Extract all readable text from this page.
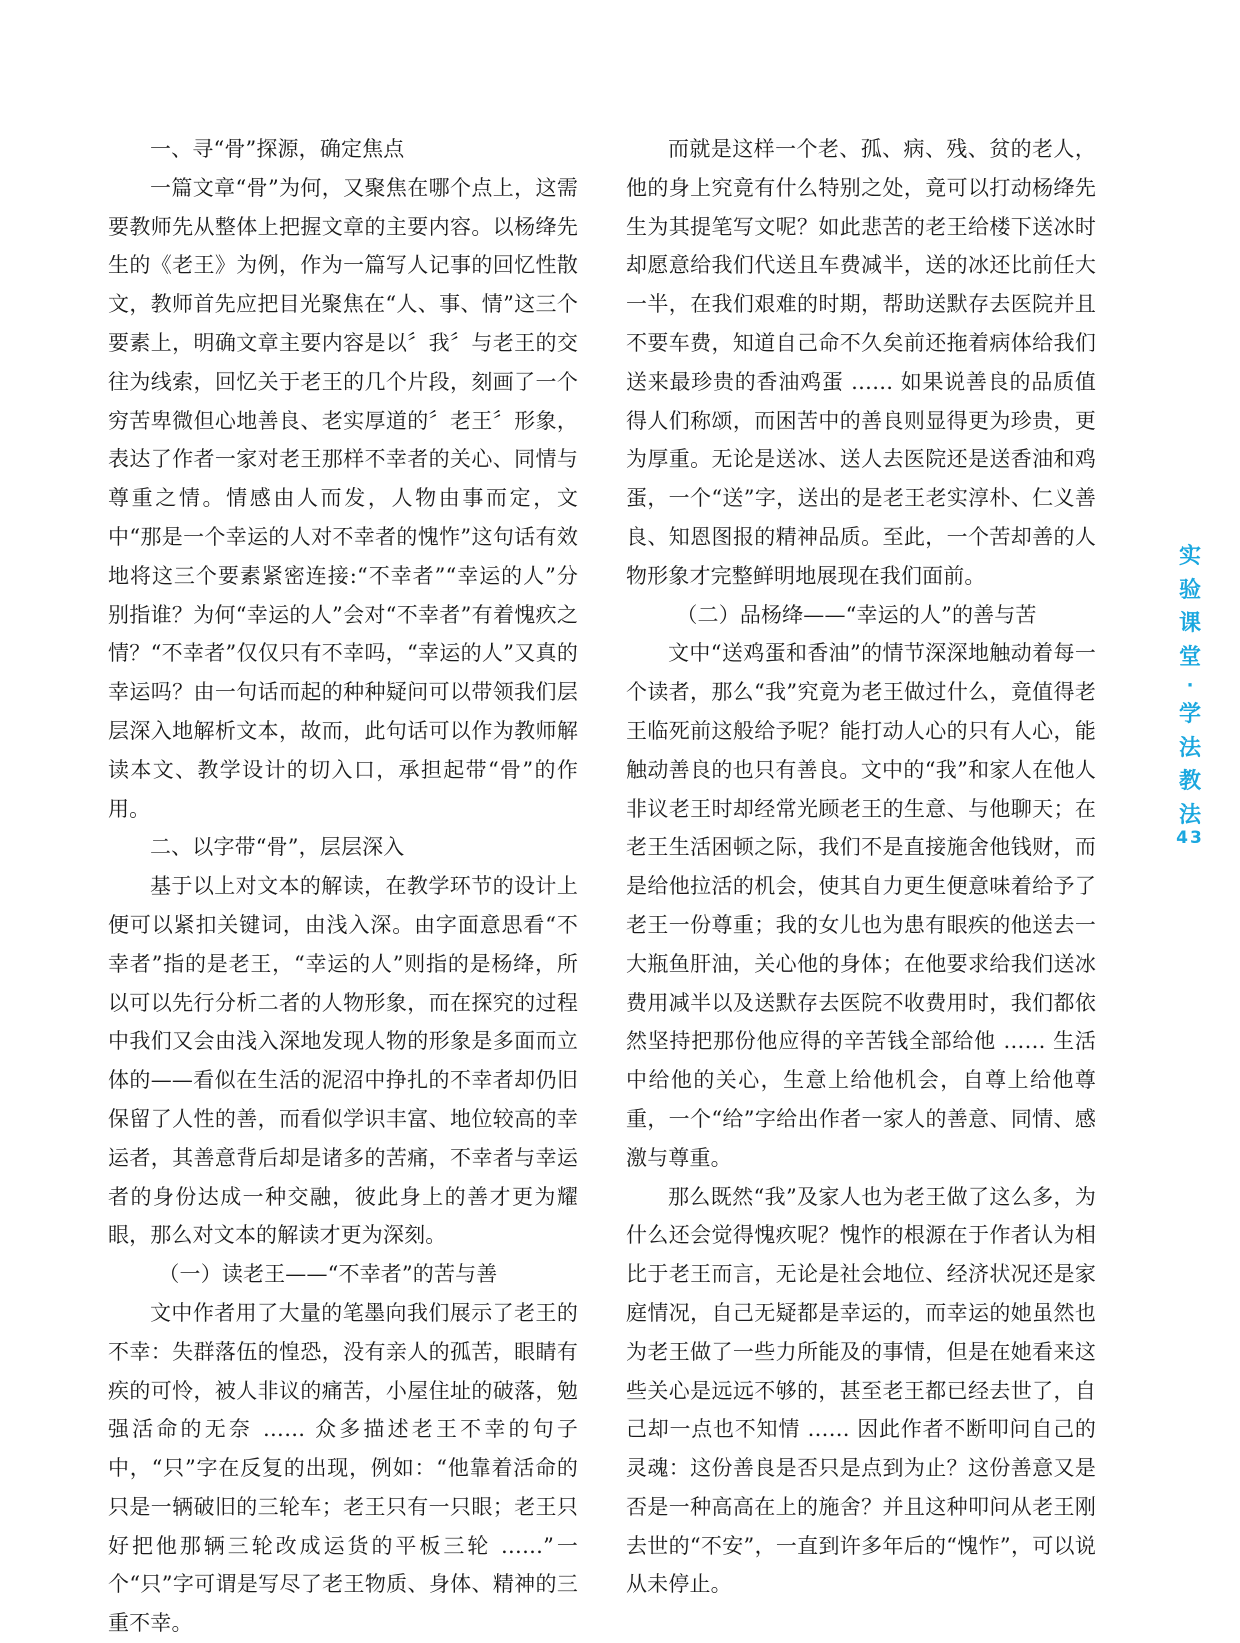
一、寻“骨”探源，确定焦点

一篇文章“骨”为何，又聚焦在哪个点上，这需要教师先从整体上把握文章的主要内容。以杨绛先生的《老王》为例，作为一篇写人记事的回忆性散文，教师首先应把目光聚焦在“人、事、情”这三个要素上，明确文章主要内容是以〞我〞与老王的交往为线索，回忆关于老王的几个片段，刻画了一个穷苦卑微但心地善良、老实厚道的〞老王〞形象，表达了作者一家对老王那样不幸者的关心、同情与尊重之情。情感由人而发，人物由事而定，文中“那是一个幸运的人对不幸者的愧怍”这句话有效地将这三个要素紧密连接:“不幸者”“幸运的人”分别指谁？为何“幸运的人”会对“不幸者”有着愧疚之情？“不幸者”仅仅只有不幸吗，“幸运的人”又真的幸运吗？由一句话而起的种种疑问可以带领我们层层深入地解析文本，故而，此句话可以作为教师解读本文、教学设计的切入口，承担起带“骨”的作用。

二、以字带“骨”，层层深入

基于以上对文本的解读，在教学环节的设计上便可以紧扣关键词，由浅入深。由字面意思看“不幸者”指的是老王，“幸运的人”则指的是杨绛，所以可以先行分析二者的人物形象，而在探究的过程中我们又会由浅入深地发现人物的形象是多面而立体的——看似在生活的泥沼中挣扎的不幸者却仍旧保留了人性的善，而看似学识丰富、地位较高的幸运者，其善意背后却是诸多的苦痛，不幸者与幸运者的身份达成一种交融，彼此身上的善才更为耀眼，那么对文本的解读才更为深刻。

（一）读老王——“不幸者”的苦与善

文中作者用了大量的笔墨向我们展示了老王的不幸：失群落伍的惶恐，没有亲人的孤苦，眼睛有疾的可怜，被人非议的痛苦，小屋住址的破落，勉强活命的无奈 …… 众多描述老王不幸的句子中，“只”字在反复的出现，例如：“他靠着活命的只是一辆破旧的三轮车；老王只有一只眼；老王只好把他那辆三轮改成运货的平板三轮 ……”一个“只”字可谓是写尽了老王物质、身体、精神的三重不幸。

而就是这样一个老、孤、病、残、贫的老人，他的身上究竟有什么特别之处，竟可以打动杨绛先生为其提笔写文呢？如此悲苦的老王给楼下送冰时却愿意给我们代送且车费减半，送的冰还比前任大一半，在我们艰难的时期，帮助送默存去医院并且不要车费，知道自己命不久矣前还拖着病体给我们送来最珍贵的香油鸡蛋 …… 如果说善良的品质值得人们称颂，而困苦中的善良则显得更为珍贵，更为厚重。无论是送冰、送人去医院还是送香油和鸡蛋，一个“送”字，送出的是老王老实淳朴、仁义善良、知恩图报的精神品质。至此，一个苦却善的人物形象才完整鲜明地展现在我们面前。

（二）品杨绛——“幸运的人”的善与苦

文中“送鸡蛋和香油”的情节深深地触动着每一个读者，那么“我”究竟为老王做过什么，竟值得老王临死前这般给予呢？能打动人心的只有人心，能触动善良的也只有善良。文中的“我”和家人在他人非议老王时却经常光顾老王的生意、与他聊天；在老王生活困顿之际，我们不是直接施舍他钱财，而是给他拉活的机会，使其自力更生便意味着给予了老王一份尊重；我的女儿也为患有眼疾的他送去一大瓶鱼肝油，关心他的身体；在他要求给我们送冰费用减半以及送默存去医院不收费用时，我们都依然坚持把那份他应得的辛苦钱全部给他 …… 生活中给他的关心，生意上给他机会，自尊上给他尊重，一个“给”字给出作者一家人的善意、同情、感激与尊重。

那么既然“我”及家人也为老王做了这么多，为什么还会觉得愧疚呢？愧怍的根源在于作者认为相比于老王而言，无论是社会地位、经济状况还是家庭情况，自己无疑都是幸运的，而幸运的她虽然也为老王做了一些力所能及的事情，但是在她看来这些关心是远远不够的，甚至老王都已经去世了，自己却一点也不知情 …… 因此作者不断叩问自己的灵魂：这份善良是否只是点到为止？这份善意又是否是一种高高在上的施舍？并且这种叩问从老王刚去世的“不安”，一直到许多年后的“愧怍”，可以说从未停止。

实
验
课
堂
·
学
法
教
法
43
